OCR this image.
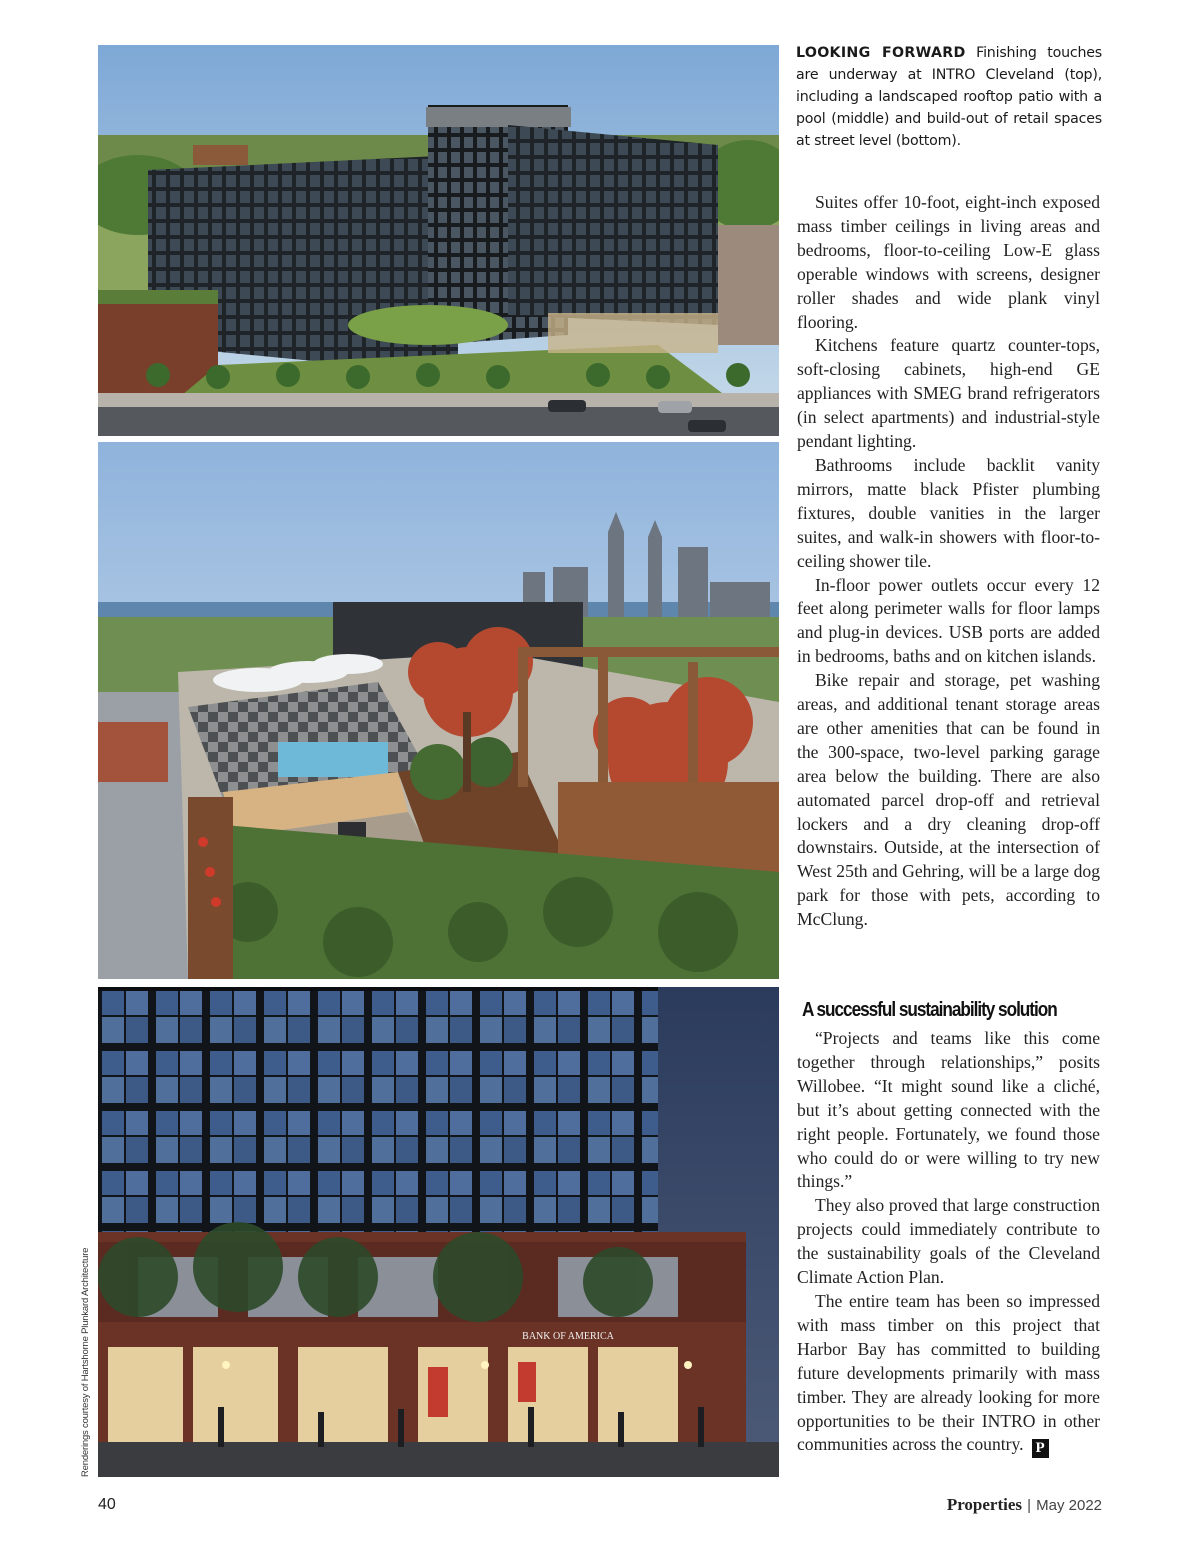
BANK OF AMERICA
Renderings courtesy of Hartshorne Plunkard Architecture
LOOKING FORWARD Finishing touches are underway at INTRO Cleveland (top), including a landscaped rooftop patio with a pool (middle) and build-out of retail spaces at street level (bottom).

Suites offer 10-foot, eight-inch exposed mass timber ceilings in living areas and bedrooms, floor-to-ceiling Low-E glass operable windows with screens, designer roller shades and wide plank vinyl flooring.

Kitchens feature quartz counter-tops, soft-closing cabinets, high-end GE appliances with SMEG brand refrigerators (in select apartments) and industrial-style pendant lighting.

Bathrooms include backlit vanity mirrors, matte black Pfister plumbing fixtures, double vanities in the larger suites, and walk-in showers with floor-to-ceiling shower tile.

In-floor power outlets occur every 12 feet along perimeter walls for floor lamps and plug-in devices. USB ports are added in bedrooms, baths and on kitchen islands.

Bike repair and storage, pet washing areas, and additional tenant storage areas are other amenities that can be found in the 300-space, two-level parking garage area below the building. There are also automated parcel drop-off and retrieval lockers and a dry cleaning drop-off downstairs. Outside, at the intersection of West 25th and Gehring, will be a large dog park for those with pets, according to McClung.

A successful sustainability solution

“Projects and teams like this come together through relationships,” posits Willobee. “It might sound like a cliché, but it’s about getting connected with the right people. Fortunately, we found those who could do or were willing to try new things.”

They also proved that large construction projects could immediately contribute to the sustainability goals of the Cleveland Climate Action Plan.

The entire team has been so impressed with mass timber on this project that Harbor Bay has committed to building future developments primarily with mass timber. They are already looking for more opportunities to be their INTRO in other communities across the country. P

40	Properties | May 2022
